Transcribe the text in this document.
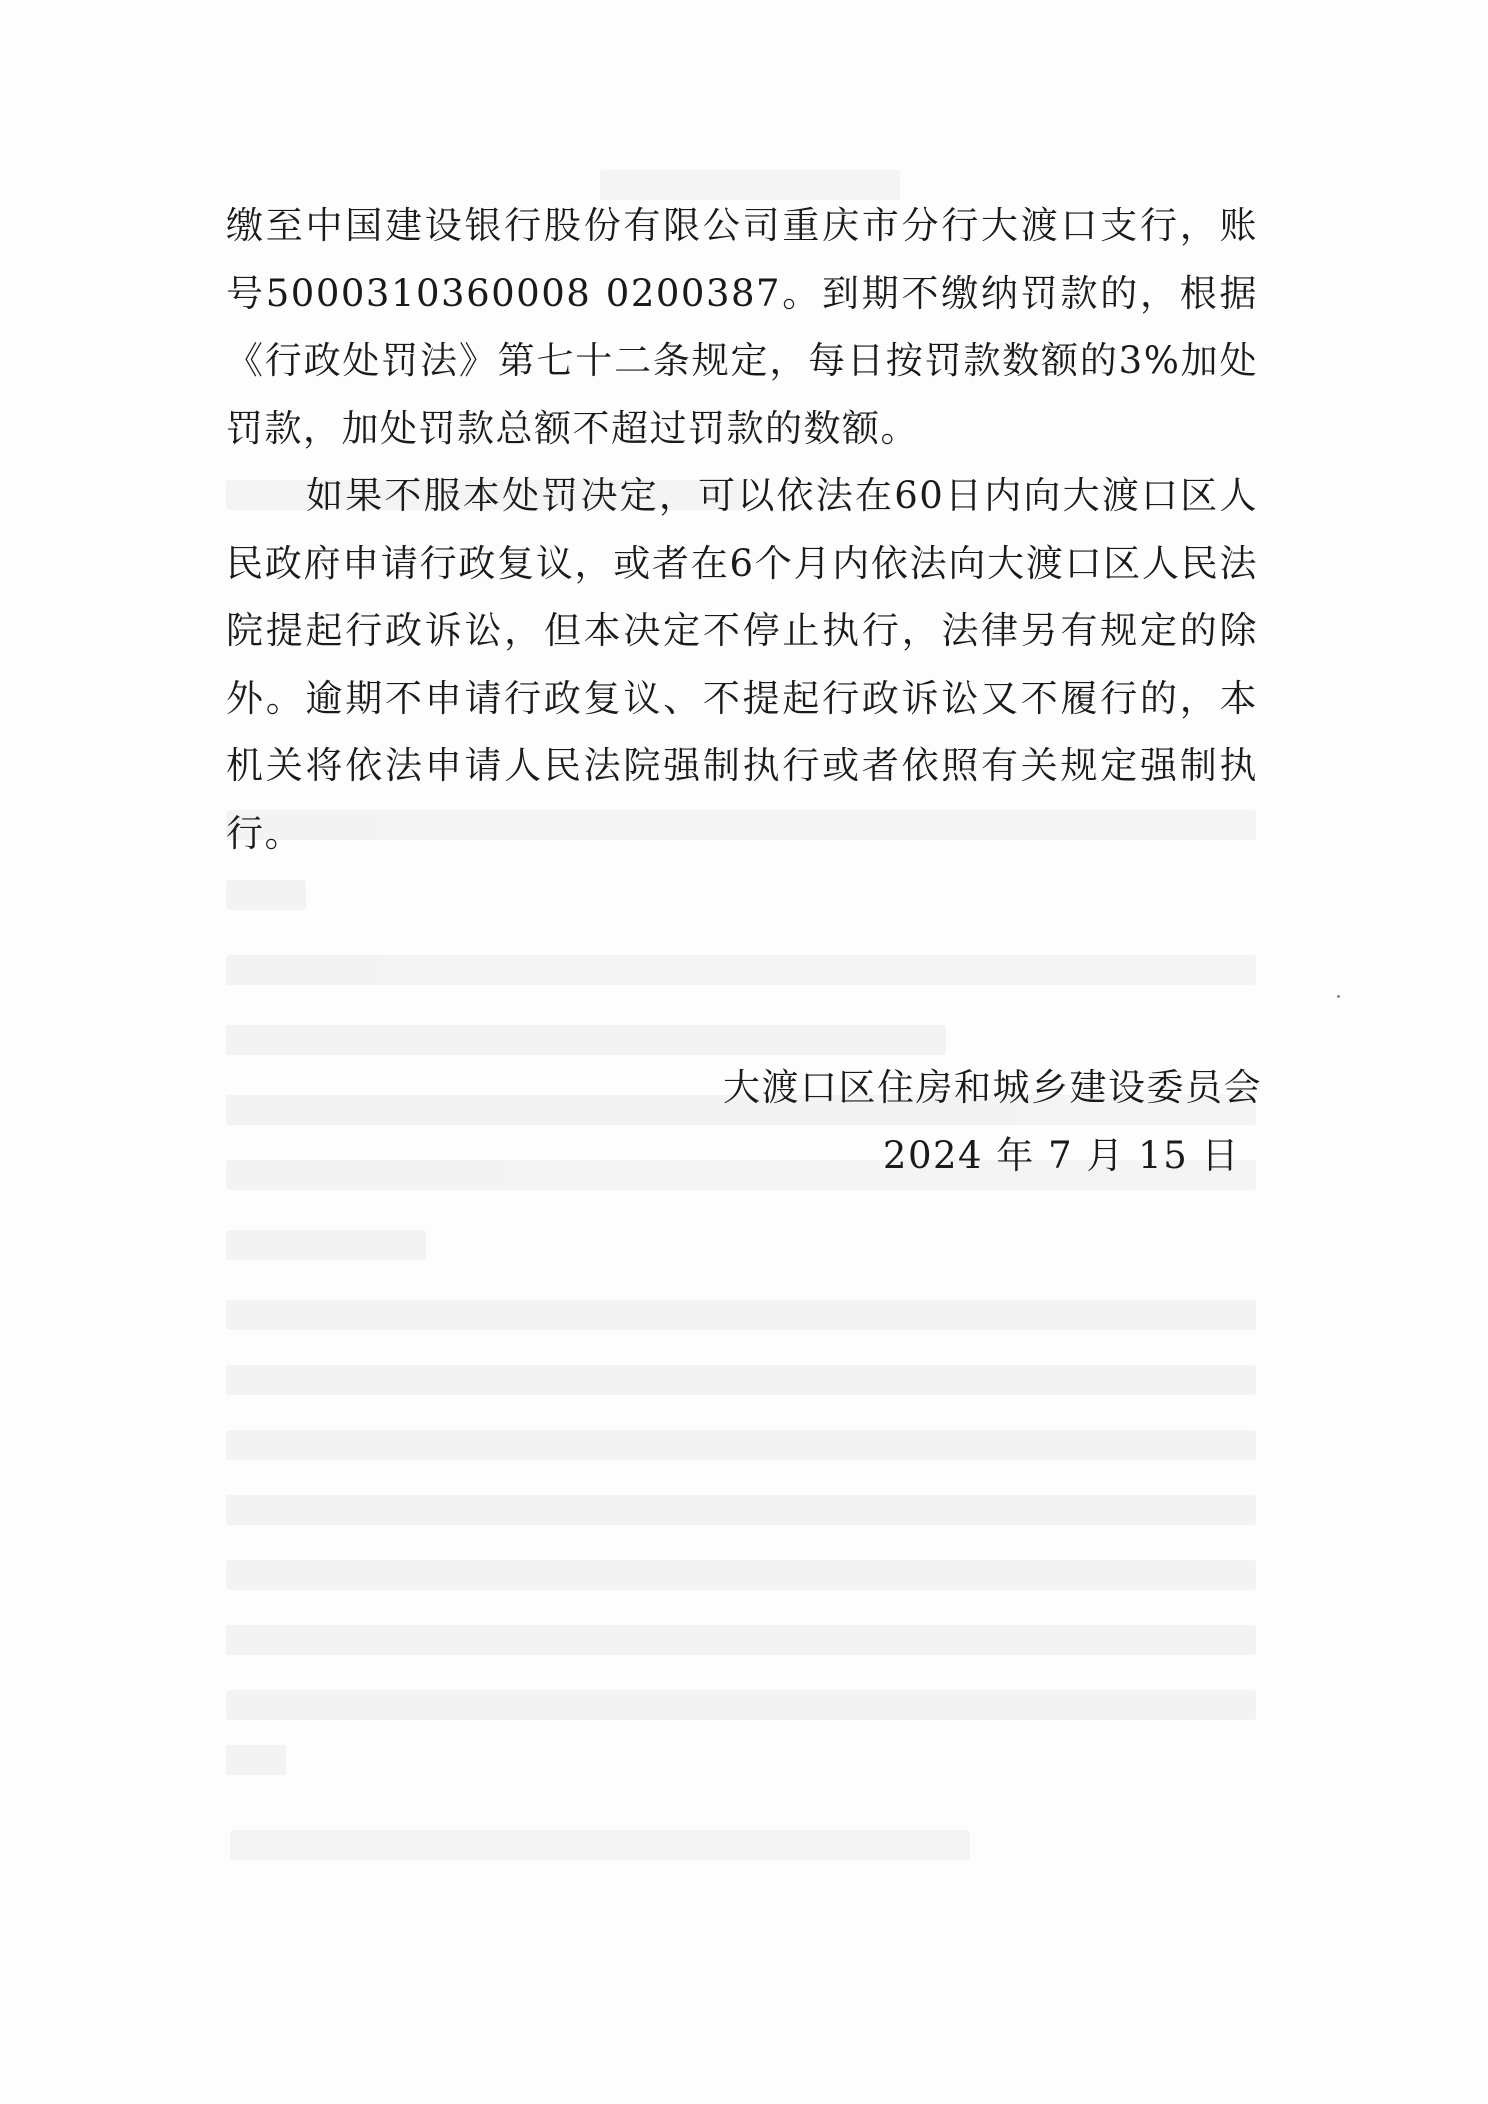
缴至中国建设银行股份有限公司重庆市分行大渡口支行，账号5000310360008 0200387。到期不缴纳罚款的，根据《行政处罚法》第七十二条规定，每日按罚款数额的3%加处罚款，加处罚款总额不超过罚款的数额。

如果不服本处罚决定，可以依法在60日内向大渡口区人民政府申请行政复议，或者在6个月内依法向大渡口区人民法院提起行政诉讼，但本决定不停止执行，法律另有规定的除外。逾期不申请行政复议、不提起行政诉讼又不履行的，本机关将依法申请人民法院强制执行或者依照有关规定强制执行。

大渡口区住房和城乡建设委员会
2024 年 7 月 15 日
